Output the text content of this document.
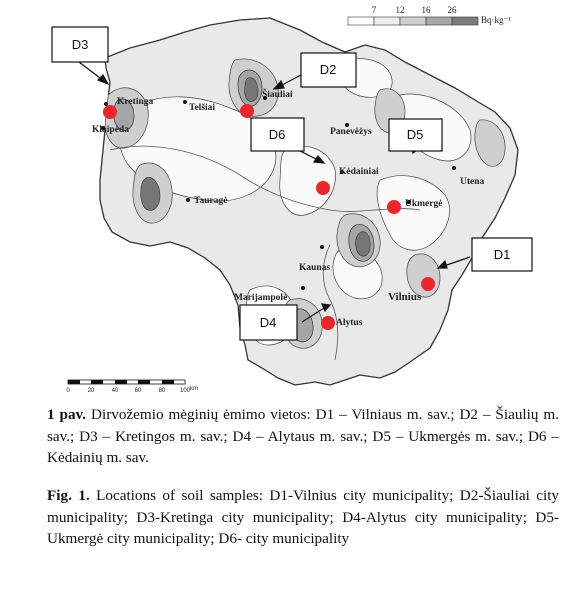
Kretinga
Telšiai
Šiauliai
Klaipėda	Panevėžys
Kėdainiai
Utena
Tauragė	Ukmergė
Kaunas
Marijampolė	Vilnius
Alytus
D3
D2
D6	D5
D1
D4
7 12 16 26
Bq·kg⁻¹
0	20	40	60	80 100 km

1 pav. Dirvožemio mėginių ėmimo vietos: D1 – Vilniaus m. sav.; D2 – Šiaulių m. sav.; D3 – Kretingos m. sav.; D4 – Alytaus m. sav.; D5 – Ukmergės m. sav.; D6 – Kėdainių m. sav.

Fig. 1. Locations of soil samples: D1-Vilnius city municipality; D2-Šiauliai city municipality; D3-Kretinga city municipality; D4-Alytus city municipality; D5-Ukmergė city municipality; D6- city municipality
